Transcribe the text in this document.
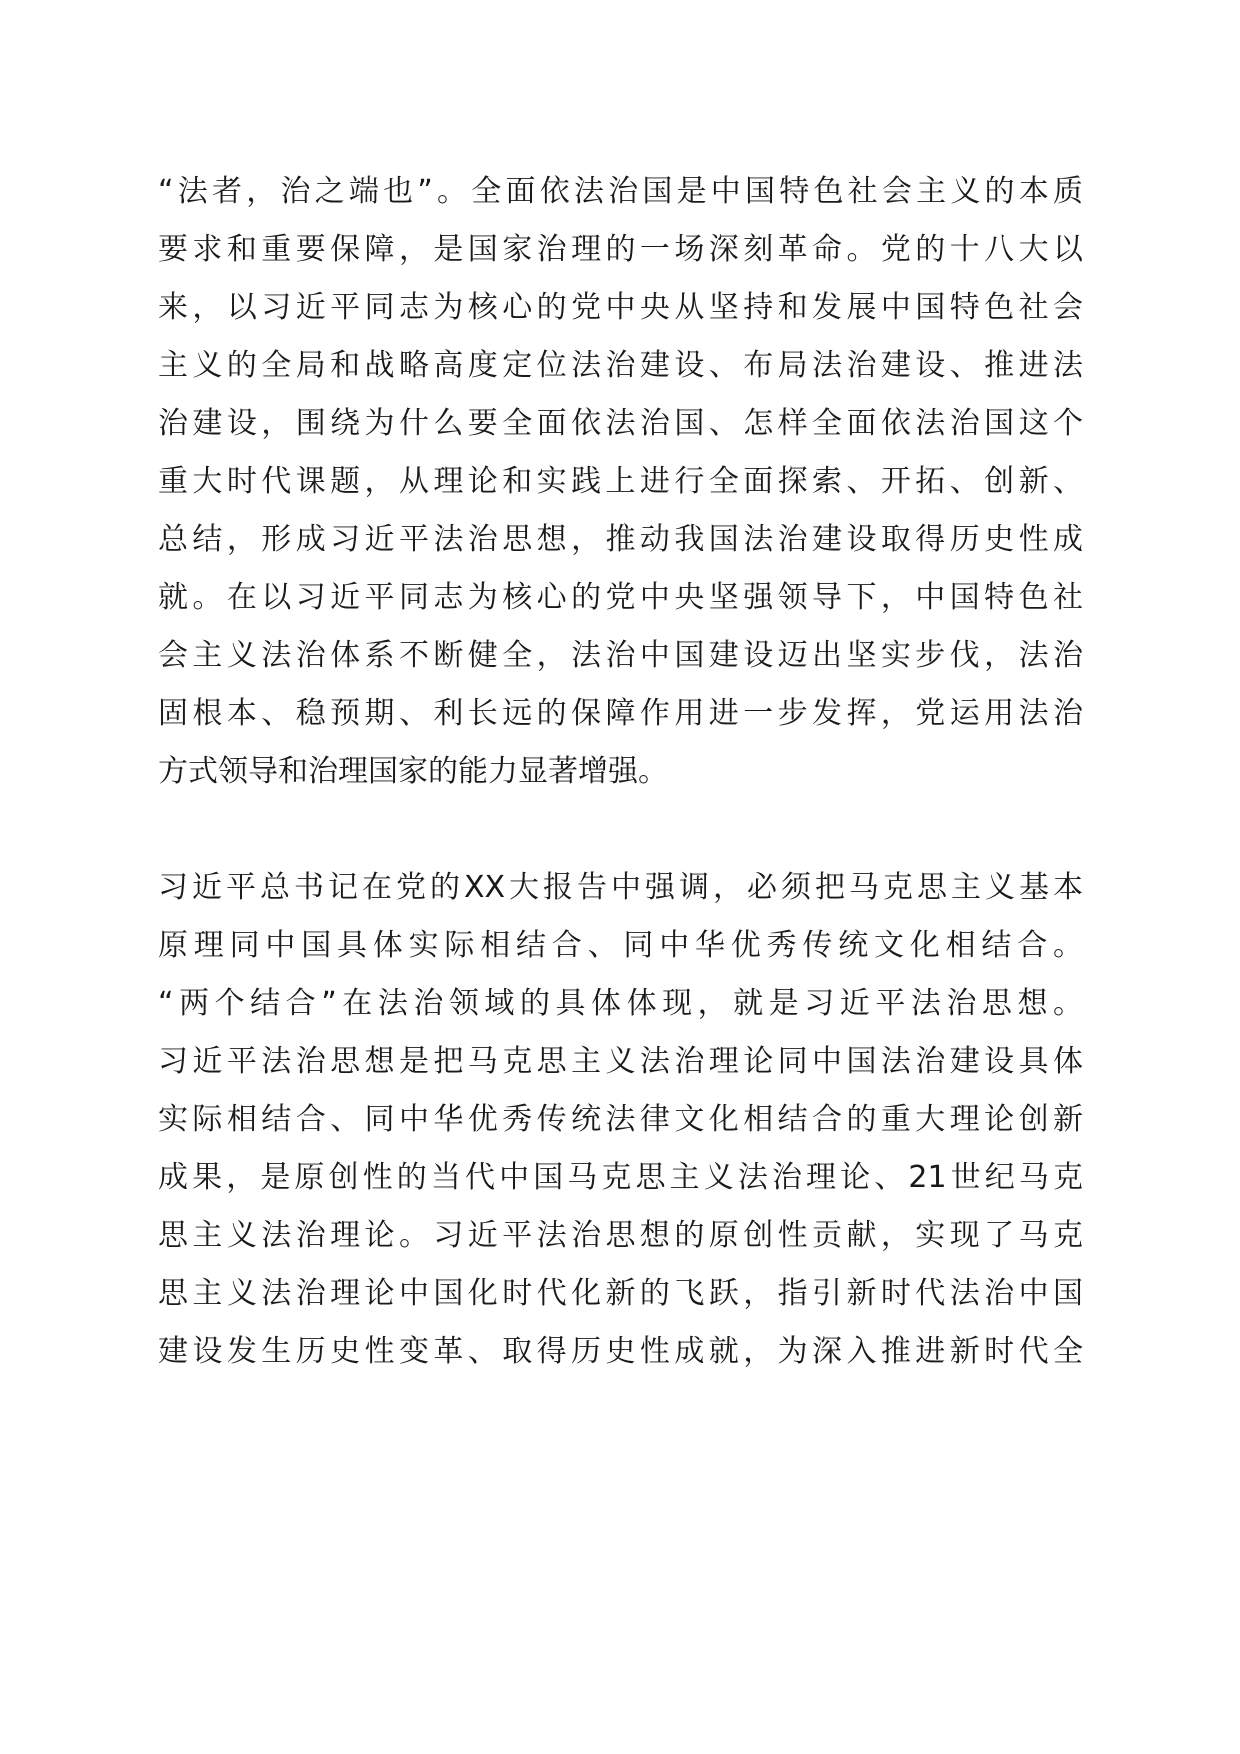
“法者，治之端也”。全面依法治国是中国特色社会主义的本质
要求和重要保障，是国家治理的一场深刻革命。党的十八大以
来，以习近平同志为核心的党中央从坚持和发展中国特色社会
主义的全局和战略高度定位法治建设、布局法治建设、推进法
治建设，围绕为什么要全面依法治国、怎样全面依法治国这个
重大时代课题，从理论和实践上进行全面探索、开拓、创新、
总结，形成习近平法治思想，推动我国法治建设取得历史性成
就。在以习近平同志为核心的党中央坚强领导下，中国特色社
会主义法治体系不断健全，法治中国建设迈出坚实步伐，法治
固根本、稳预期、利长远的保障作用进一步发挥，党运用法治
方式领导和治理国家的能力显著增强。
习近平总书记在党的XX大报告中强调，必须把马克思主义基本
原理同中国具体实际相结合、同中华优秀传统文化相结合。
“两个结合”在法治领域的具体体现，就是习近平法治思想。
习近平法治思想是把马克思主义法治理论同中国法治建设具体
实际相结合、同中华优秀传统法律文化相结合的重大理论创新
成果，是原创性的当代中国马克思主义法治理论、21世纪马克
思主义法治理论。习近平法治思想的原创性贡献，实现了马克
思主义法治理论中国化时代化新的飞跃，指引新时代法治中国
建设发生历史性变革、取得历史性成就，为深入推进新时代全
